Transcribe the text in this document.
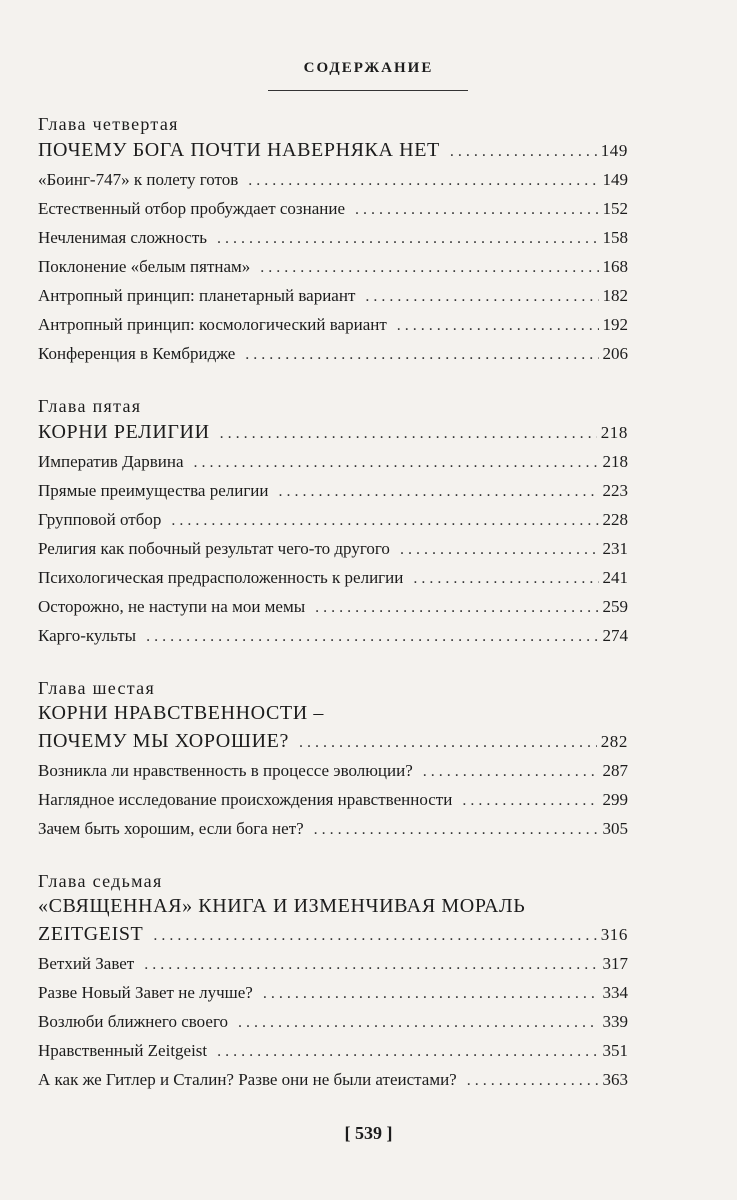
СОДЕРЖАНИЕ
Глава четвертая
ПОЧЕМУ БОГА ПОЧТИ НАВЕРНЯКА НЕТ . . .	149
«Боинг-747» к полету готов . . .	149
Естественный отбор пробуждает сознание . . .	152
Нечленимая сложность . . .	158
Поклонение «белым пятнам» . . .	168
Антропный принцип: планетарный вариант . . .	182
Антропный принцип: космологический вариант . . .	192
Конференция в Кембридже . . .	206
Глава пятая
КОРНИ РЕЛИГИИ . . .	218
Императив Дарвина . . .	218
Прямые преимущества религии . . .	223
Групповой отбор . . .	228
Религия как побочный результат чего-то другого . . .	231
Психологическая предрасположенность к религии . . .	241
Осторожно, не наступи на мои мемы . . .	259
Карго-культы . . .	274
Глава шестая
КОРНИ НРАВСТВЕННОСТИ –
ПОЧЕМУ МЫ ХОРОШИЕ? . . .	282
Возникла ли нравственность в процессе эволюции? . . .	287
Наглядное исследование происхождения нравственности . . .	299
Зачем быть хорошим, если бога нет? . . .	305
Глава седьмая
«СВЯЩЕННАЯ» КНИГА И ИЗМЕНЧИВАЯ МОРАЛЬ
ZEITGEIST . . .	316
Ветхий Завет . . .	317
Разве Новый Завет не лучше? . . .	334
Возлюби ближнего своего . . .	339
Нравственный Zeitgeist . . .	351
А как же Гитлер и Сталин? Разве они не были атеистами? . . .	363
[ 539 ]
